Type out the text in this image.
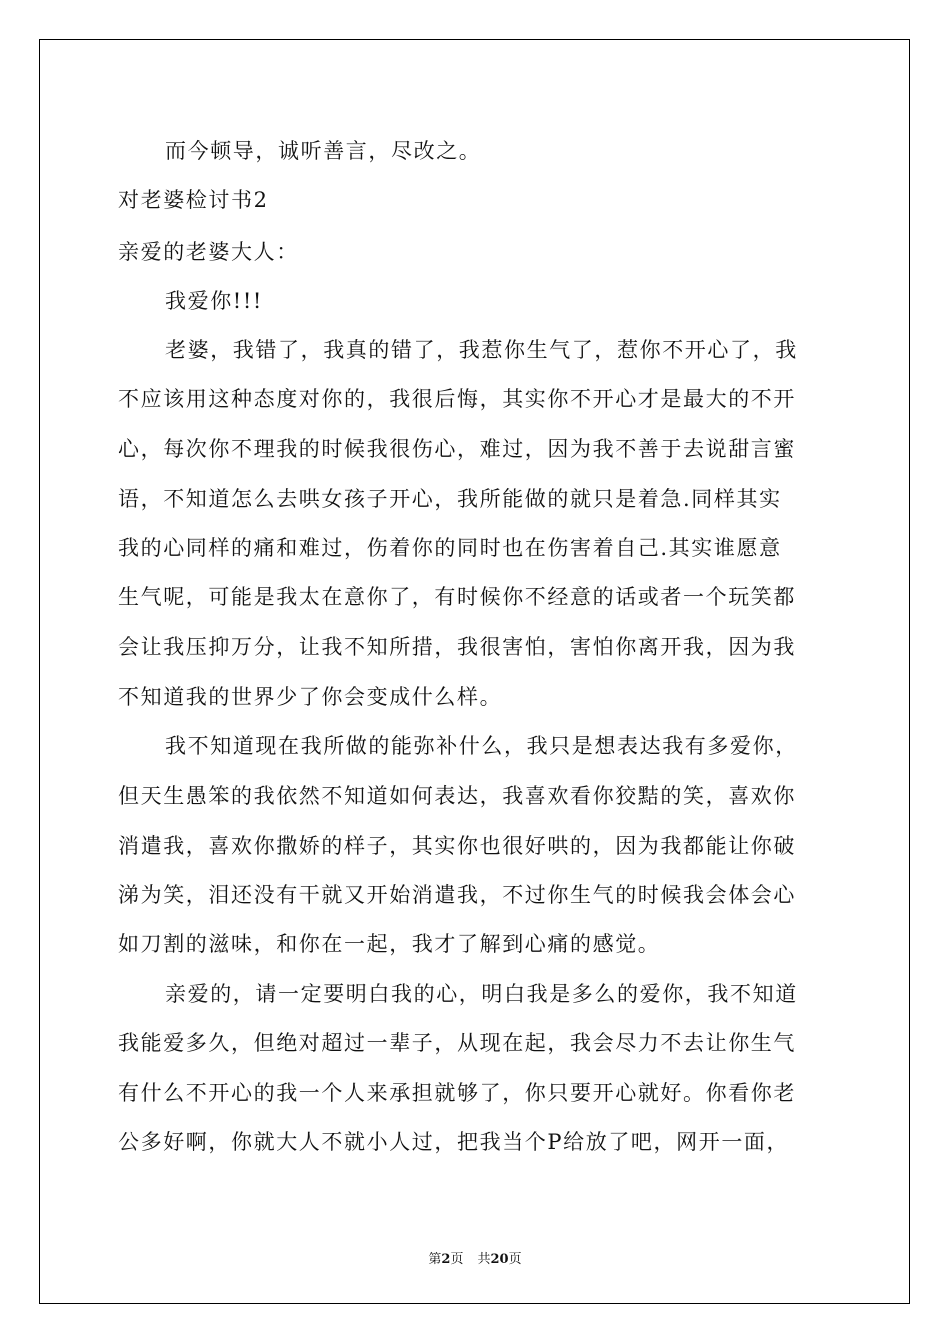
而今顿导，诚听善言，尽改之。
对老婆检讨书2
亲爱的老婆大人：
我爱你!!!
老婆，我错了，我真的错了，我惹你生气了，惹你不开心了，我
不应该用这种态度对你的，我很后悔，其实你不开心才是最大的不开
心，每次你不理我的时候我很伤心，难过，因为我不善于去说甜言蜜
语，不知道怎么去哄女孩子开心，我所能做的就只是着急.同样其实
我的心同样的痛和难过，伤着你的同时也在伤害着自己.其实谁愿意
生气呢，可能是我太在意你了，有时候你不经意的话或者一个玩笑都
会让我压抑万分，让我不知所措，我很害怕，害怕你离开我，因为我
不知道我的世界少了你会变成什么样。
我不知道现在我所做的能弥补什么，我只是想表达我有多爱你，
但天生愚笨的我依然不知道如何表达，我喜欢看你狡黠的笑，喜欢你
消遣我，喜欢你撒娇的样子，其实你也很好哄的，因为我都能让你破
涕为笑，泪还没有干就又开始消遣我，不过你生气的时候我会体会心
如刀割的滋味，和你在一起，我才了解到心痛的感觉。
亲爱的，请一定要明白我的心，明白我是多么的爱你，我不知道
我能爱多久，但绝对超过一辈子，从现在起，我会尽力不去让你生气
有什么不开心的我一个人来承担就够了，你只要开心就好。你看你老
公多好啊，你就大人不就小人过，把我当个P给放了吧，网开一面，
第2页 共20页
